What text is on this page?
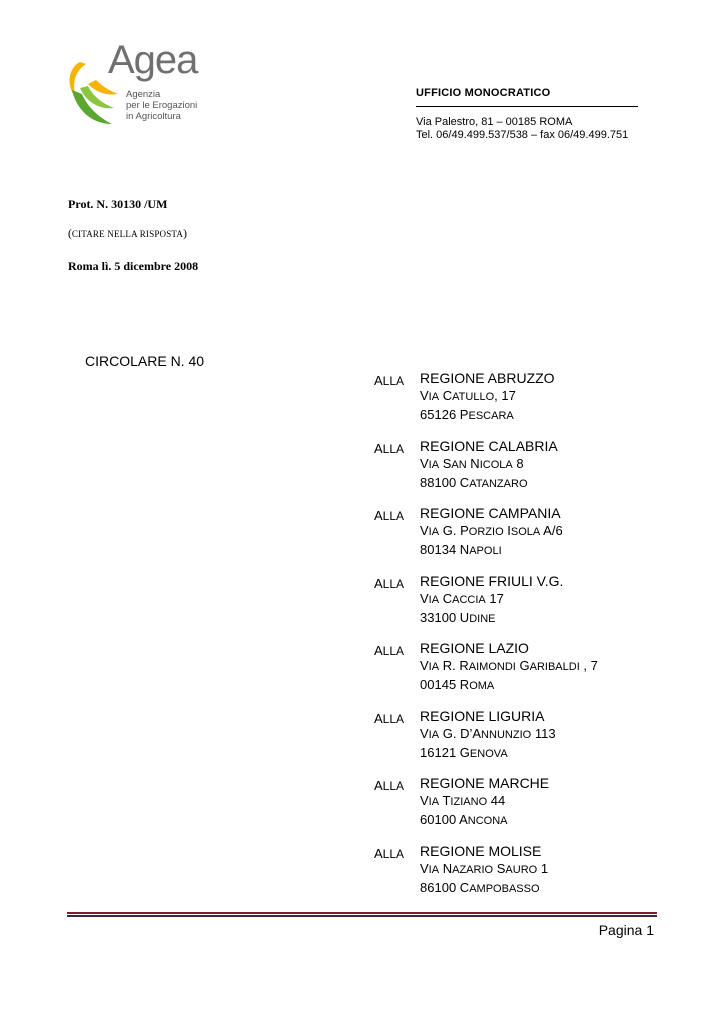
Agea
Agenzia
per le Erogazioni
in Agricoltura
UFFICIO MONOCRATICO
Via Palestro, 81 – 00185 ROMA
Tel. 06/49.499.537/538 – fax 06/49.499.751
Prot. N. 30130 /UM
(CITARE NELLA RISPOSTA)
Roma lì. 5 dicembre 2008
CIRCOLARE N. 40
ALLA REGIONE ABRUZZO
VIA CATULLO, 17
65126 PESCARA
ALLA REGIONE CALABRIA
VIA SAN NICOLA 8
88100 CATANZARO
ALLA REGIONE CAMPANIA
VIA G. PORZIO ISOLA A/6
80134 NAPOLI
ALLA REGIONE FRIULI V.G.
VIA CACCIA 17
33100 UDINE
ALLA REGIONE LAZIO
VIA R. RAIMONDI GARIBALDI , 7
00145 ROMA
ALLA REGIONE LIGURIA
VIA G. D’ANNUNZIO 113
16121 GENOVA
ALLA REGIONE MARCHE
VIA TIZIANO 44
60100 ANCONA
ALLA REGIONE MOLISE
VIA NAZARIO SAURO 1
86100 CAMPOBASSO
Pagina 1
